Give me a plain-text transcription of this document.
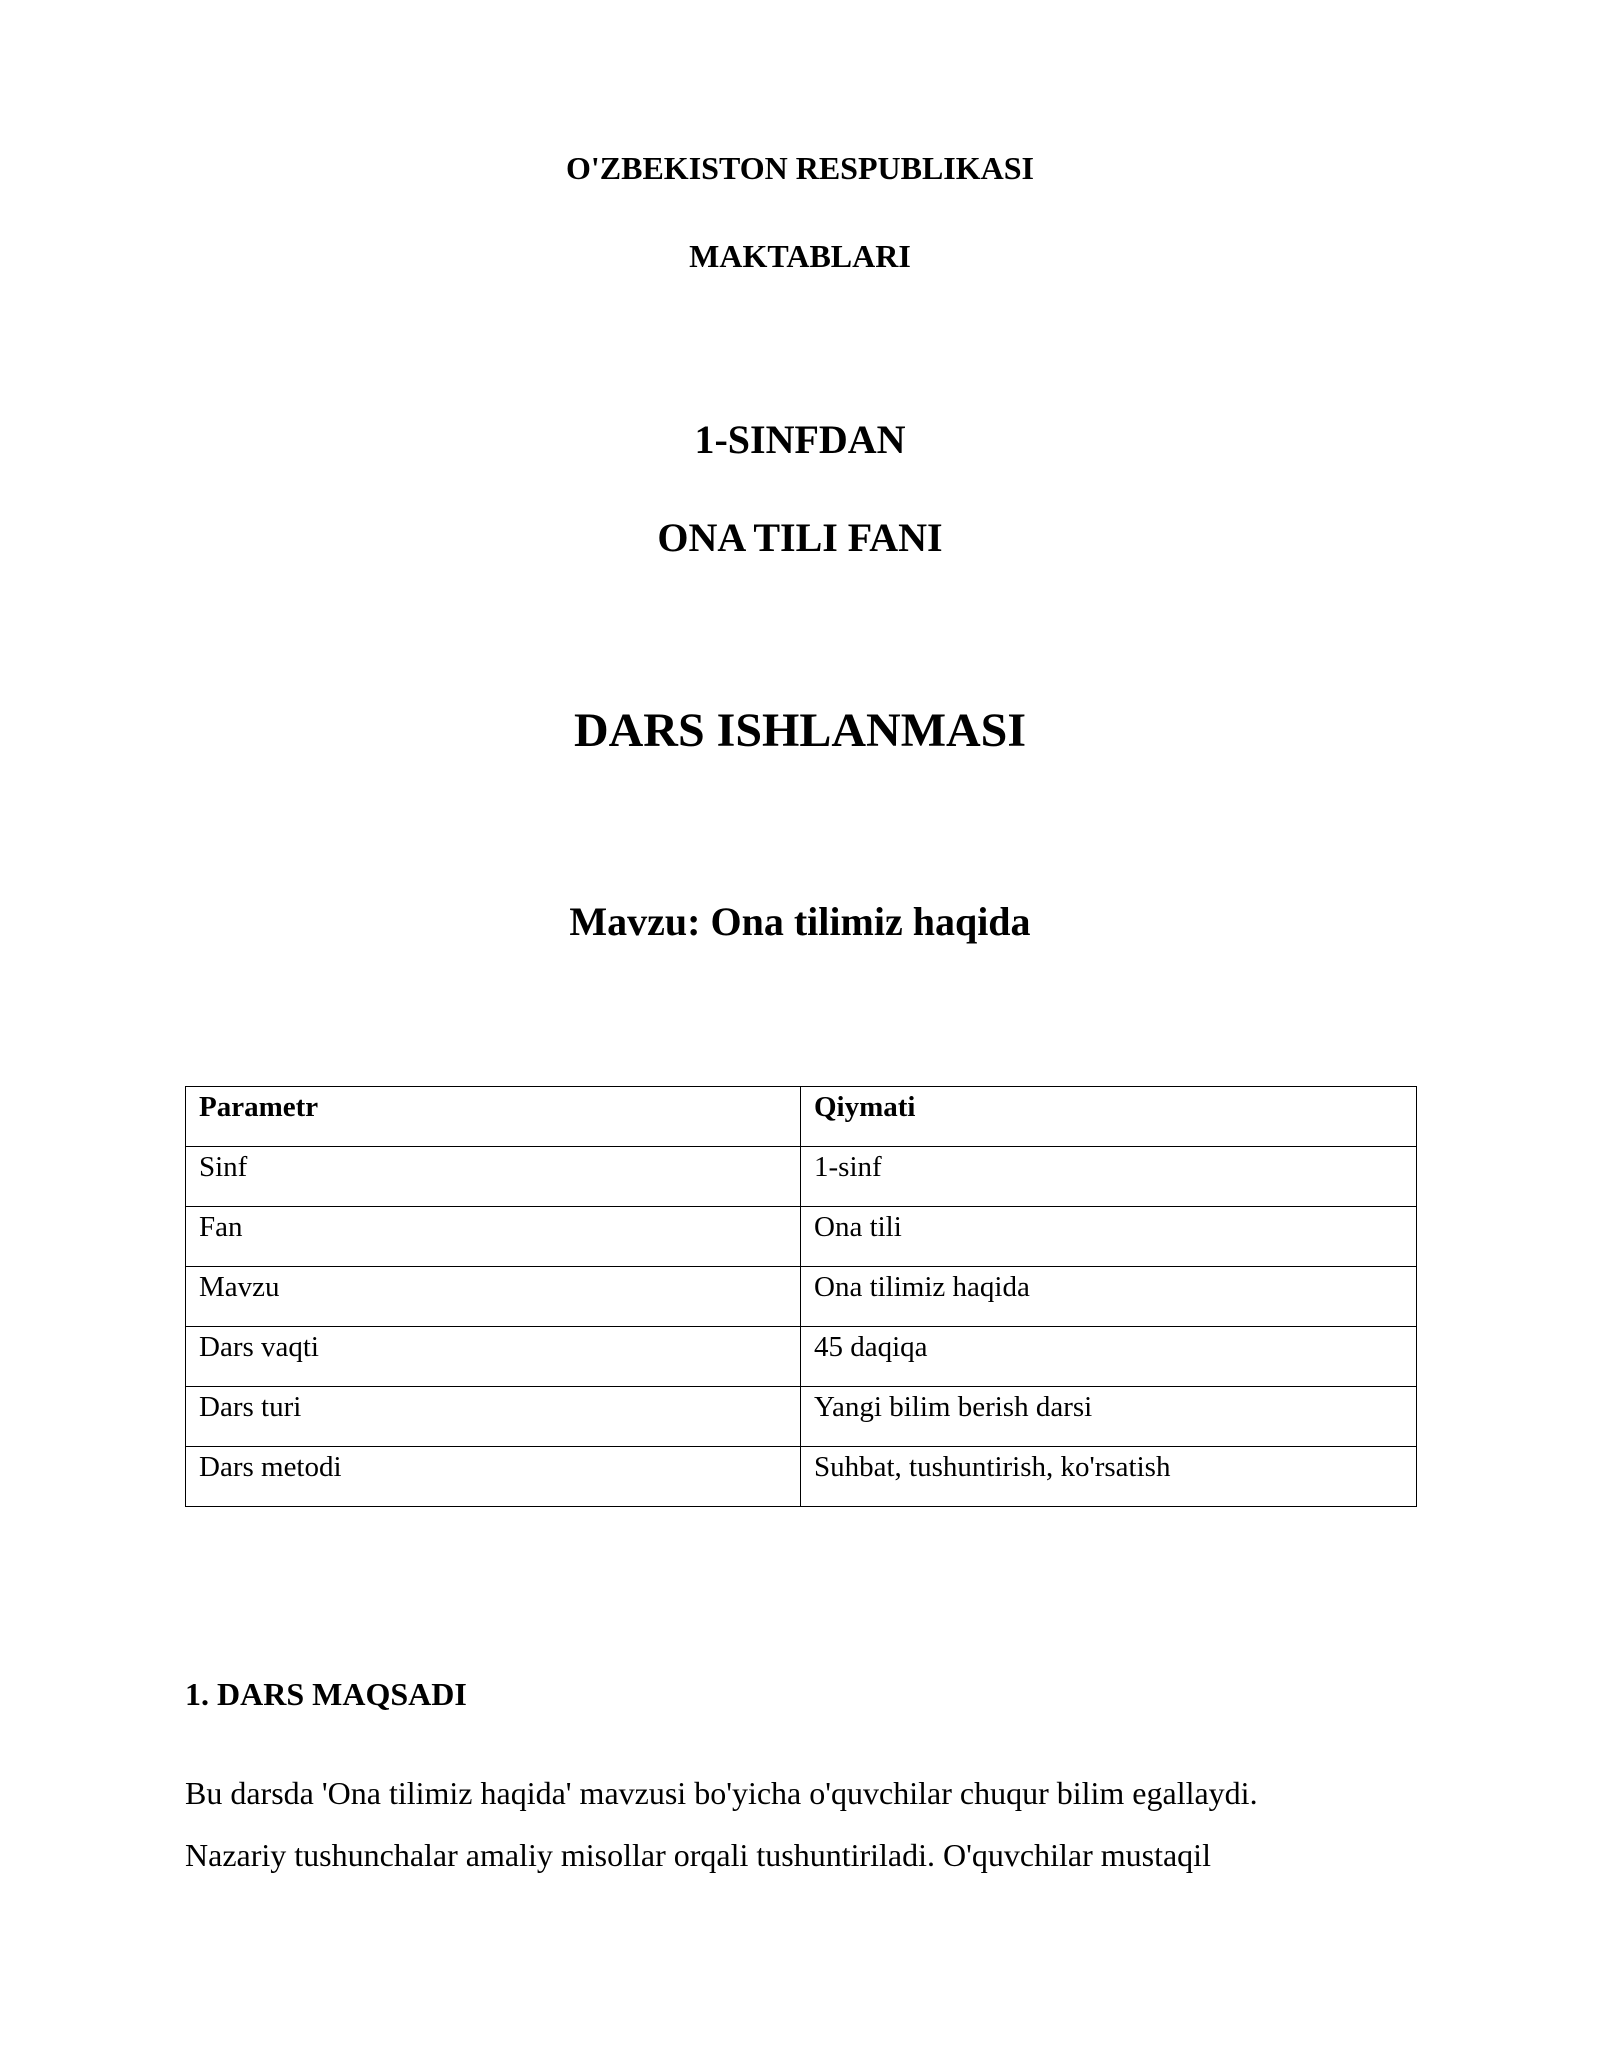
O'ZBEKISTON RESPUBLIKASI
MAKTABLARI
1-SINFDAN
ONA TILI FANI
DARS ISHLANMASI
Mavzu: Ona tilimiz haqida
Parametr	Qiymati
Sinf	1-sinf
Fan	Ona tili
Mavzu	Ona tilimiz haqida
Dars vaqti	45 daqiqa
Dars turi	Yangi bilim berish darsi
Dars metodi	Suhbat, tushuntirish, ko'rsatish
1. DARS MAQSADI
Bu darsda 'Ona tilimiz haqida' mavzusi bo'yicha o'quvchilar chuqur bilim egallaydi.
Nazariy tushunchalar amaliy misollar orqali tushuntiriladi. O'quvchilar mustaqil
